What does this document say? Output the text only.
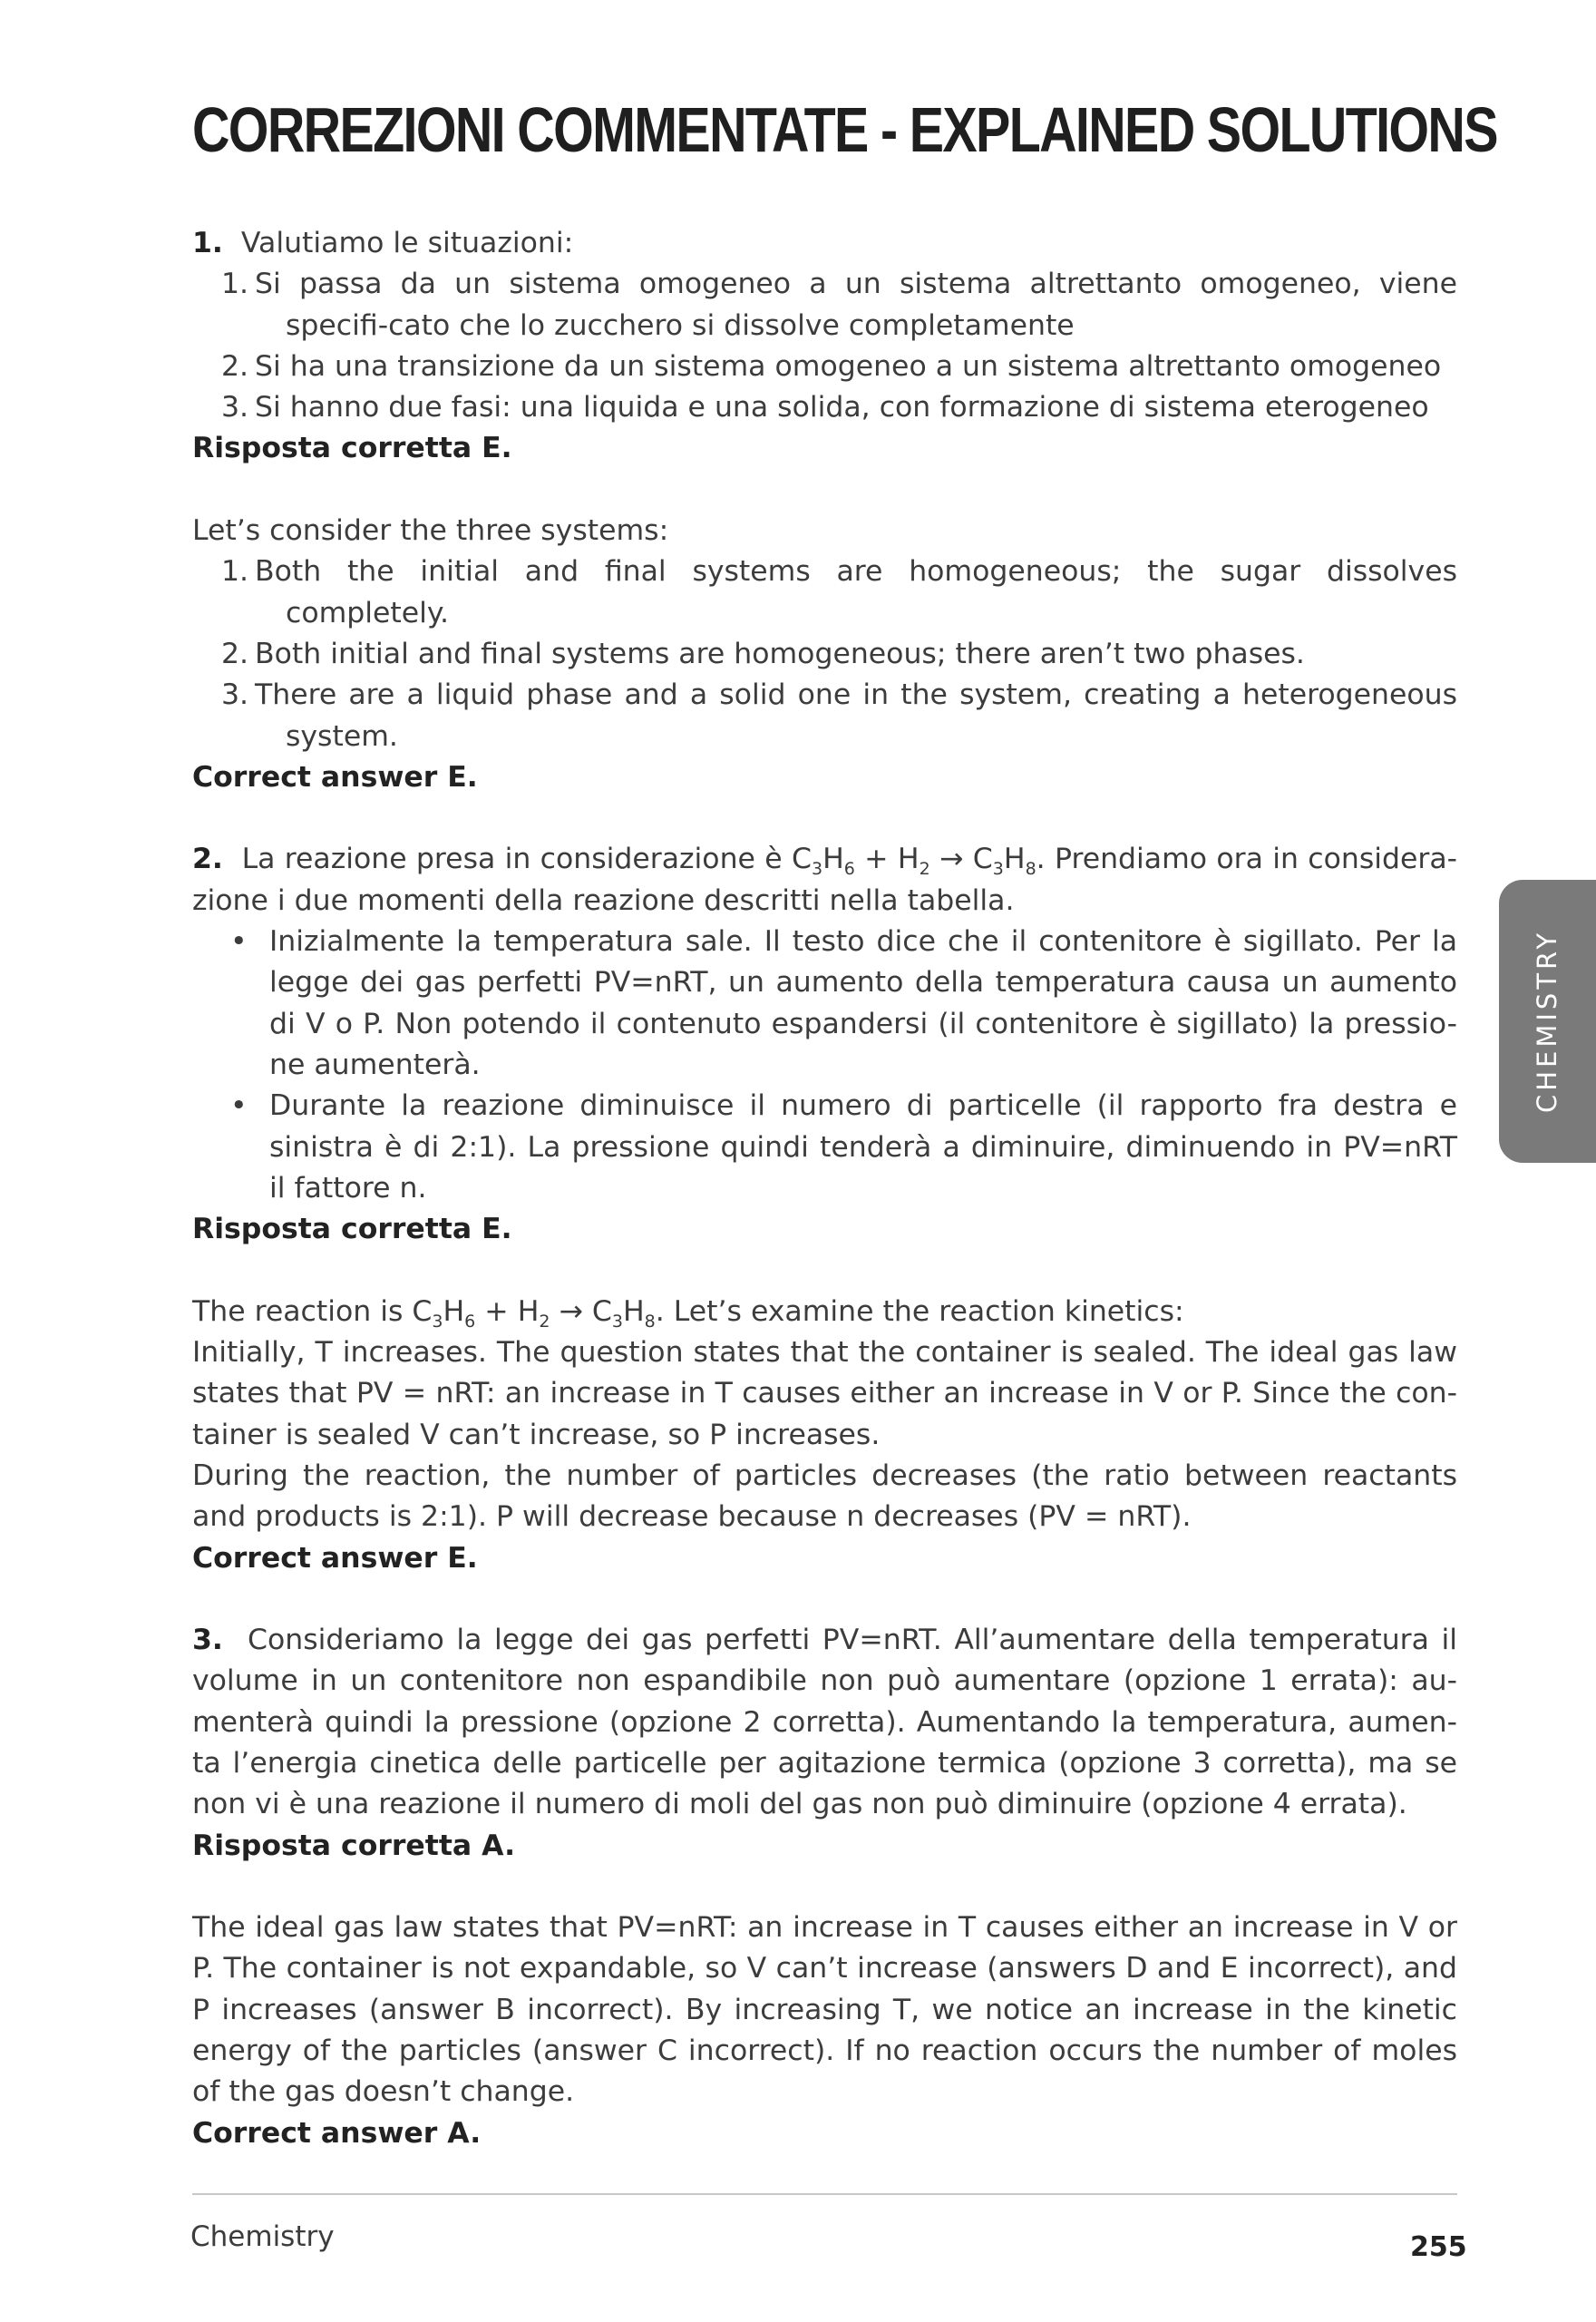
CORREZIONI COMMENTATE - EXPLAINED SOLUTIONS
CHEMISTRY

1. Valutiamo le situazioni:

1. Si passa da un sistema omogeneo a un sistema altrettanto omogeneo, viene specifi-cato che lo zucchero si dissolve completamente
2. Si ha una transizione da un sistema omogeneo a un sistema altrettanto omogeneo
3. Si hanno due fasi: una liquida e una solida, con formazione di sistema eterogeneo

Risposta corretta E.

Let’s consider the three systems:

1. Both the initial and final systems are homogeneous; the sugar dissolves completely.
2. Both initial and final systems are homogeneous; there aren’t two phases.
3. There are a liquid phase and a solid one in the system, creating a heterogeneous system.

Correct answer E.

2. La reazione presa in considerazione è $C_3H_6 + H_2 \to C_3H_8$. Prendiamo ora in considera-zione i due momenti della reazione descritti nella tabella.

• Inizialmente la temperatura sale. Il testo dice che il contenitore è sigillato. Per la legge dei gas perfetti PV=nRT, un aumento della temperatura causa un aumento di V o P. Non potendo il contenuto espandersi (il contenitore è sigillato) la pressio-ne aumenterà.
• Durante la reazione diminuisce il numero di particelle (il rapporto fra destra e sinistra è di 2:1). La pressione quindi tenderà a diminuire, diminuendo in PV=nRT il fattore n.

Risposta corretta E.

The reaction is $C_3H_6 + H_2 \to C_3H_8$. Let’s examine the reaction kinetics:

Initially, T increases. The question states that the container is sealed. The ideal gas law states that PV = nRT: an increase in T causes either an increase in V or P. Since the con-tainer is sealed V can’t increase, so P increases.

During the reaction, the number of particles decreases (the ratio between reactants and products is 2:1). P will decrease because n decreases (PV = nRT).

Correct answer E.

3. Consideriamo la legge dei gas perfetti PV=nRT. All’aumentare della temperatura il volume in un contenitore non espandibile non può aumentare (opzione 1 errata): au-menterà quindi la pressione (opzione 2 corretta). Aumentando la temperatura, aumen-ta l’energia cinetica delle particelle per agitazione termica (opzione 3 corretta), ma se non vi è una reazione il numero di moli del gas non può diminuire (opzione 4 errata).

Risposta corretta A.

The ideal gas law states that PV=nRT: an increase in T causes either an increase in V or P. The container is not expandable, so V can’t increase (answers D and E incorrect), and P increases (answer B incorrect). By increasing T, we notice an increase in the kinetic energy of the particles (answer C incorrect). If no reaction occurs the number of moles of the gas doesn’t change.

Correct answer A.

Chemistry	255
